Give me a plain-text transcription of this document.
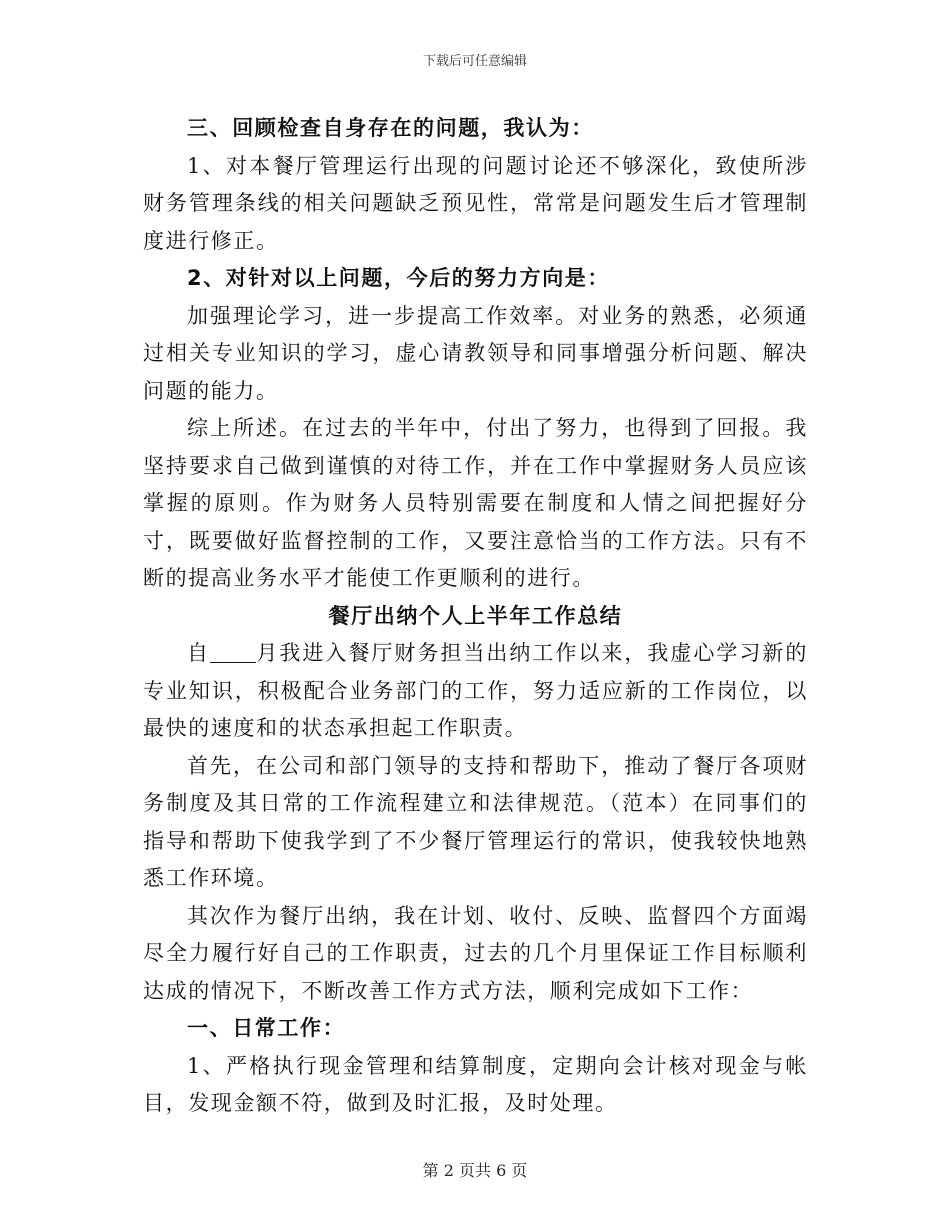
下载后可任意编辑

三、回顾检查自身存在的问题，我认为：

1、对本餐厅管理运行出现的问题讨论还不够深化，致使所涉财务管理条线的相关问题缺乏预见性，常常是问题发生后才管理制度进行修正。

2、对针对以上问题，今后的努力方向是：

加强理论学习，进一步提高工作效率。对业务的熟悉，必须通过相关专业知识的学习，虚心请教领导和同事增强分析问题、解决问题的能力。

综上所述。在过去的半年中，付出了努力，也得到了回报。我坚持要求自己做到谨慎的对待工作，并在工作中掌握财务人员应该掌握的原则。作为财务人员特别需要在制度和人情之间把握好分寸，既要做好监督控制的工作，又要注意恰当的工作方法。只有不断的提高业务水平才能使工作更顺利的进行。

餐厅出纳个人上半年工作总结

自 月我进入餐厅财务担当出纳工作以来，我虚心学习新的专业知识，积极配合业务部门的工作，努力适应新的工作岗位，以最快的速度和的状态承担起工作职责。

首先，在公司和部门领导的支持和帮助下，推动了餐厅各项财务制度及其日常的工作流程建立和法律规范。（范本）在同事们的指导和帮助下使我学到了不少餐厅管理运行的常识，使我较快地熟悉工作环境。

其次作为餐厅出纳，我在计划、收付、反映、监督四个方面竭尽全力履行好自己的工作职责，过去的几个月里保证工作目标顺利达成的情况下，不断改善工作方式方法，顺利完成如下工作：

一、日常工作：

1、严格执行现金管理和结算制度，定期向会计核对现金与帐目，发现金额不符，做到及时汇报，及时处理。

第 2 页共 6 页
